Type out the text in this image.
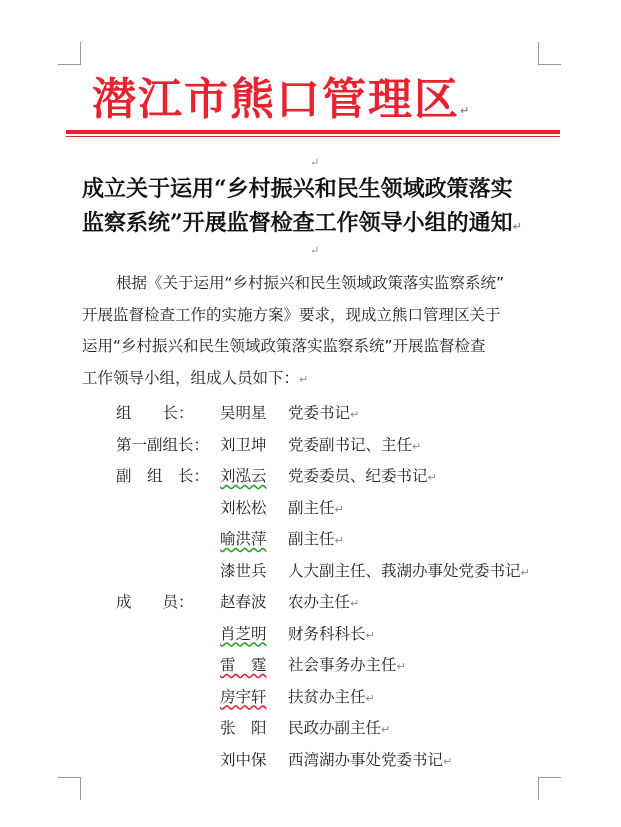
潜江市熊口管理区↵
↵
成立关于运用“乡村振兴和民生领域政策落实
监察系统”开展监督检查工作领导小组的通知↵
↵
根据《关于运用“乡村振兴和民生领域政策落实监察系统”
开展监督检查工作的实施方案》要求，现成立熊口管理区关于
运用“乡村振兴和民生领域政策落实监察系统”开展监督检查
工作领导小组，组成人员如下：↵
组　　长：	吴明星	党委书记↵
第一副组长： 刘卫坤	党委副书记、主任↵
副　组　长： 刘泓云	党委委员、纪委书记↵
刘松松	副主任↵
喻洪萍	副主任↵
漆世兵	人大副主任、莪湖办事处党委书记↵
成　　员：	赵春波	农办主任↵
肖芝明	财务科科长↵
雷　霆	社会事务办主任↵
房宇轩	扶贫办主任↵
张　阳	民政办副主任↵
刘中保	西湾湖办事处党委书记↵
